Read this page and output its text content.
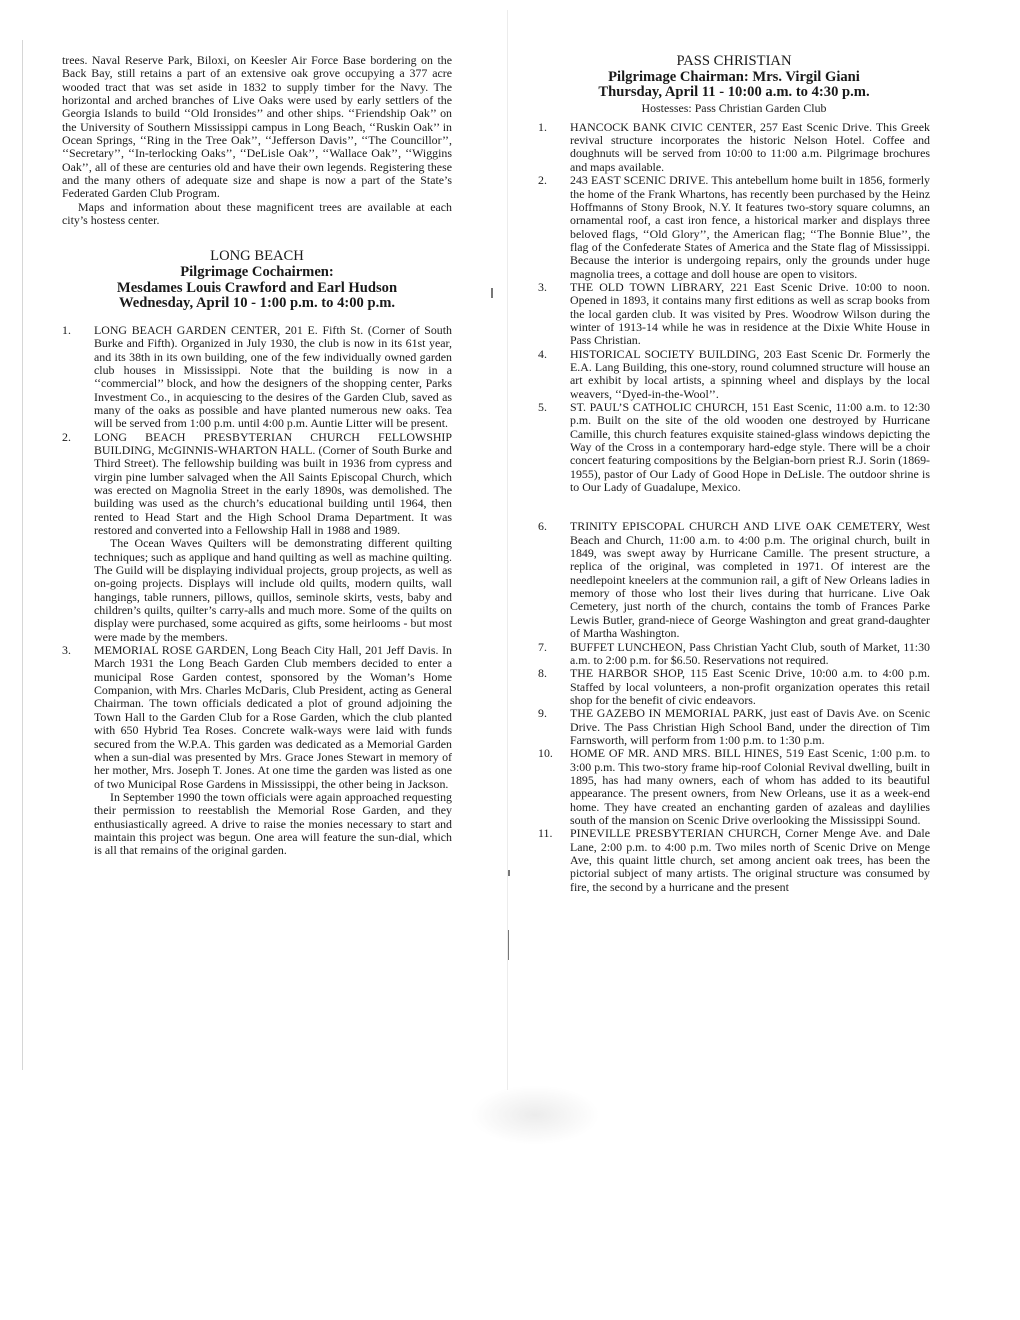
trees. Naval Reserve Park, Biloxi, on Keesler Air Force Base bordering on the Back Bay, still retains a part of an extensive oak grove occupying a 377 acre wooded tract that was set aside in 1832 to supply timber for the Navy. The horizontal and arched branches of Live Oaks were used by early settlers of the Georgia Islands to build ‘‘Old Ironsides’’ and other ships. ‘‘Friendship Oak’’ on the University of Southern Mississippi campus in Long Beach, ‘‘Ruskin Oak’’ in Ocean Springs, ‘‘Ring in the Tree Oak’’, ‘‘Jefferson Davis’’, ‘‘The Councillor’’, ‘‘Secretary’’, ‘‘In-terlocking Oaks’’, ‘‘DeLisle Oak’’, ‘‘Wallace Oak’’, ‘‘Wiggins Oak’’, all of these are centuries old and have their own legends. Registering these and the many others of adequate size and shape is now a part of the State’s Federated Garden Club Program.

Maps and information about these magnificent trees are available at each city’s hostess center.

LONG BEACH
Pilgrimage Cochairmen:
Mesdames Louis Crawford and Earl Hudson
Wednesday, April 10 - 1:00 p.m. to 4:00 p.m.
1.	LONG BEACH GARDEN CENTER, 201 E. Fifth St. (Corner of South Burke and Fifth). Organized in July 1930, the club is now in its 61st year, and its 38th in its own building, one of the few individually owned garden club houses in Mississippi. Note that the building is now in a ‘‘commercial’’ block, and how the designers of the shopping center, Parks Investment Co., in acquiescing to the desires of the Garden Club, saved as many of the oaks as possible and have planted numerous new oaks. Tea will be served from 1:00 p.m. until 4:00 p.m. Auntie Litter will be present.

2.	LONG BEACH PRESBYTERIAN CHURCH FELLOWSHIP BUILDING, McGINNIS-WHARTON HALL. (Corner of South Burke and Third Street). The fellowship building was built in 1936 from cypress and virgin pine lumber salvaged when the All Saints Episcopal Church, which was erected on Magnolia Street in the early 1890s, was demolished. The building was used as the church’s educational building until 1964, then rented to Head Start and the High School Drama Department. It was restored and converted into a Fellowship Hall in 1988 and 1989.

The Ocean Waves Quilters will be demonstrating different quilting techniques; such as applique and hand quilting as well as machine quilting. The Guild will be displaying individual projects, group projects, as well as on-going projects. Displays will include old quilts, modern quilts, wall hangings, table runners, pillows, quillos, seminole skirts, vests, baby and children’s quilts, quilter’s carry-alls and much more. Some of the quilts on display were purchased, some acquired as gifts, some heirlooms - but most were made by the members.

3.	MEMORIAL ROSE GARDEN, Long Beach City Hall, 201 Jeff Davis. In March 1931 the Long Beach Garden Club members decided to enter a municipal Rose Garden contest, sponsored by the Woman’s Home Companion, with Mrs. Charles McDaris, Club President, acting as General Chairman. The town officials dedicated a plot of ground adjoining the Town Hall to the Garden Club for a Rose Garden, which the club planted with 650 Hybrid Tea Roses. Concrete walk-ways were laid with funds secured from the W.P.A. This garden was dedicated as a Memorial Garden when a sun-dial was presented by Mrs. Grace Jones Stewart in memory of her mother, Mrs. Joseph T. Jones. At one time the garden was listed as one of two Municipal Rose Gardens in Mississippi, the other being in Jackson.

In September 1990 the town officials were again approached requesting their permission to reestablish the Memorial Rose Garden, and they enthusiastically agreed. A drive to raise the monies necessary to start and maintain this project was begun. One area will feature the sun-dial, which is all that remains of the original garden.

PASS CHRISTIAN
Pilgrimage Chairman: Mrs. Virgil Giani
Thursday, April 11 - 10:00 a.m. to 4:30 p.m.
Hostesses: Pass Christian Garden Club
1.	HANCOCK BANK CIVIC CENTER, 257 East Scenic Drive. This Greek revival structure incorporates the historic Nelson Hotel. Coffee and doughnuts will be served from 10:00 to 11:00 a.m. Pilgrimage brochures and maps available.

2.	243 EAST SCENIC DRIVE. This antebellum home built in 1856, formerly the home of the Frank Whartons, has recently been purchased by the Heinz Hoffmanns of Stony Brook, N.Y. It features two-story square columns, an ornamental roof, a cast iron fence, a historical marker and displays three beloved flags, ‘‘Old Glory’’, the American flag; ‘‘The Bonnie Blue’’, the flag of the Confederate States of America and the State flag of Mississippi. Because the interior is undergoing repairs, only the grounds under huge magnolia trees, a cottage and doll house are open to visitors.

3.	THE OLD TOWN LIBRARY, 221 East Scenic Drive. 10:00 to noon. Opened in 1893, it contains many first editions as well as scrap books from the local garden club. It was visited by Pres. Woodrow Wilson during the winter of 1913-14 while he was in residence at the Dixie White House in Pass Christian.

4.	HISTORICAL SOCIETY BUILDING, 203 East Scenic Dr. Formerly the E.A. Lang Building, this one-story, round columned structure will house an art exhibit by local artists, a spinning wheel and displays by the local weavers, ‘‘Dyed-in-the-Wool’’.

5.	ST. PAUL’S CATHOLIC CHURCH, 151 East Scenic, 11:00 a.m. to 12:30 p.m. Built on the site of the old wooden one destroyed by Hurricane Camille, this church features exquisite stained-glass windows depicting the Way of the Cross in a contemporary hard-edge style. There will be a choir concert featuring compositions by the Belgian-born priest R.J. Sorin (1869-1955), pastor of Our Lady of Good Hope in DeLisle. The outdoor shrine is to Our Lady of Guadalupe, Mexico.

6.	TRINITY EPISCOPAL CHURCH AND LIVE OAK CEMETERY, West Beach and Church, 11:00 a.m. to 4:00 p.m. The original church, built in 1849, was swept away by Hurricane Camille. The present structure, a replica of the original, was completed in 1971. Of interest are the needlepoint kneelers at the communion rail, a gift of New Orleans ladies in memory of those who lost their lives during that hurricane. Live Oak Cemetery, just north of the church, contains the tomb of Frances Parke Lewis Butler, grand-niece of George Washington and great grand-daughter of Martha Washington.

7.	BUFFET LUNCHEON, Pass Christian Yacht Club, south of Market, 11:30 a.m. to 2:00 p.m. for $6.50. Reservations not required.

8.	THE HARBOR SHOP, 115 East Scenic Drive, 10:00 a.m. to 4:00 p.m. Staffed by local volunteers, a non-profit organization operates this retail shop for the benefit of civic endeavors.

9.	THE GAZEBO IN MEMORIAL PARK, just east of Davis Ave. on Scenic Drive. The Pass Christian High School Band, under the direction of Tim Farnsworth, will perform from 1:00 p.m. to 1:30 p.m.

10.	HOME OF MR. AND MRS. BILL HINES, 519 East Scenic, 1:00 p.m. to 3:00 p.m. This two-story frame hip-roof Colonial Revival dwelling, built in 1895, has had many owners, each of whom has added to its beautiful appearance. The present owners, from New Orleans, use it as a week-end home. They have created an enchanting garden of azaleas and daylilies south of the mansion on Scenic Drive overlooking the Mississippi Sound.

11.	PINEVILLE PRESBYTERIAN CHURCH, Corner Menge Ave. and Dale Lane, 2:00 p.m. to 4:00 p.m. Two miles north of Scenic Drive on Menge Ave, this quaint little church, set among ancient oak trees, has been the pictorial subject of many artists. The original structure was consumed by fire, the second by a hurricane and the present
